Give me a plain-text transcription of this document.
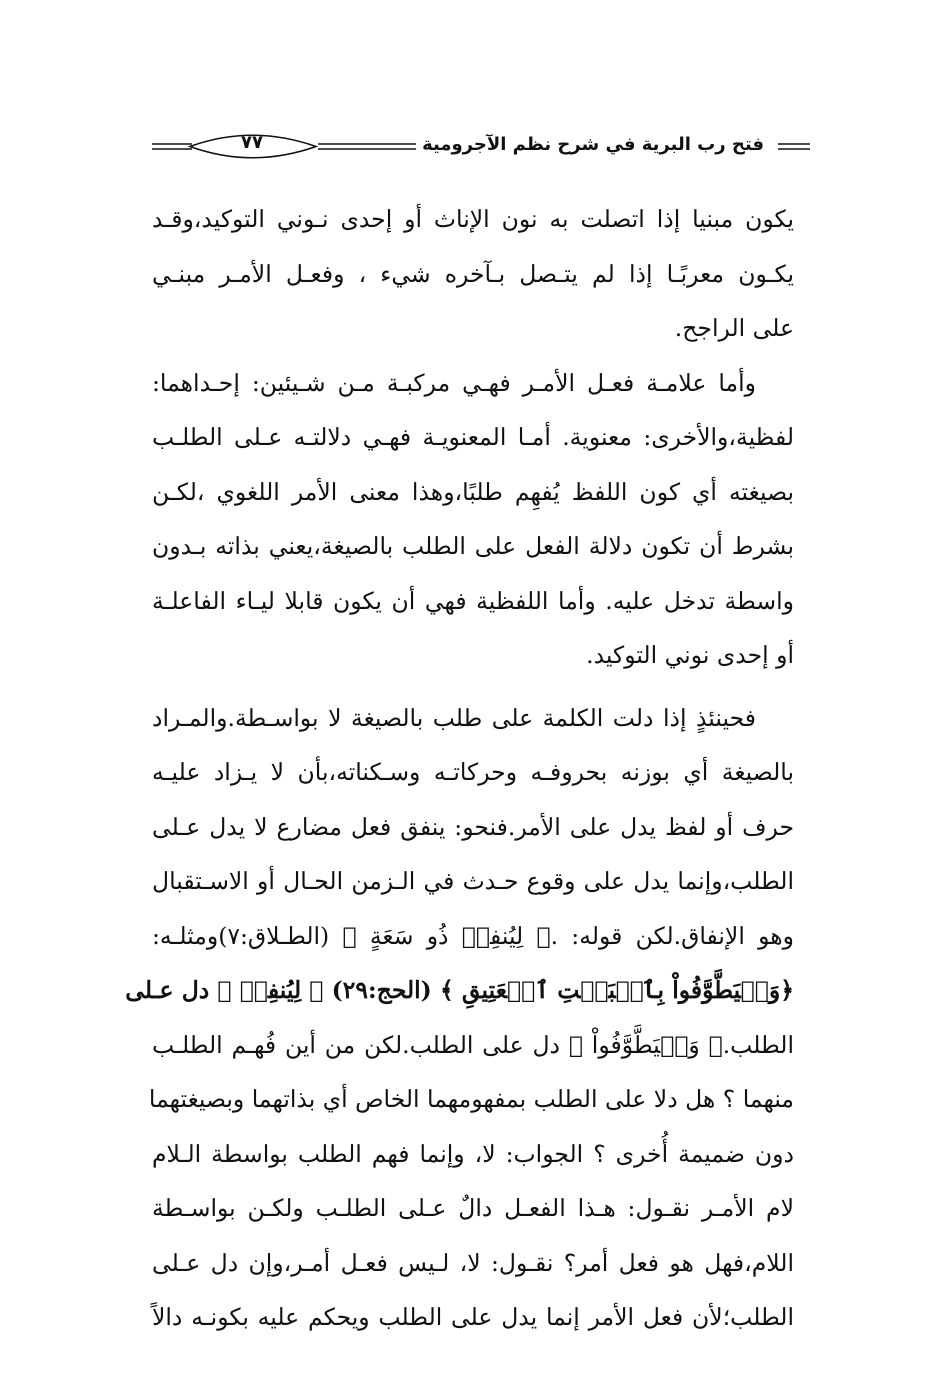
فتح رب البرية في شرح نظم الآجرومية
٧٧
يكون مبنيا إذا اتصلت به نون الإناث أو إحدى نـوني التوكيد،وقـد
يكـون معربًـا إذا لم يتـصل بـآخره شيء ، وفعـل الأمـر مبنـي
على الراجح.
وأما علامـة فعـل الأمـر فهـي مركبـة مـن شـيئين: إحـداهما:
لفظية،والأخرى: معنوية. أمـا المعنويـة فهـي دلالتـه عـلى الطلـب
بصيغته أي كون اللفظ يُفهِم طلبًا،وهذا معنى الأمر اللغوي ،لكـن
بشرط أن تكون دلالة الفعل على الطلب بالصيغة،يعني بذاته بـدون
واسطة تدخل عليه. وأما اللفظية فهي أن يكون قابلا ليـاء الفاعلـة
أو إحدى نوني التوكيد.
فحينئذٍ إذا دلت الكلمة على طلب بالصيغة لا بواسـطة.والمـراد
بالصيغة أي بوزنه بحروفـه وحركاتـه وسـكناته،بأن لا يـزاد عليـه
حرف أو لفظ يدل على الأمر.فنحو: ينفق فعل مضارع لا يدل عـلى
الطلب،وإنما يدل على وقوع حـدث في الـزمن الحـال أو الاسـتقبال
وهو الإنفاق.لكن قوله: .﴿ لِيُنفِقۡ ذُو سَعَةٍ ﴾ (الطـلاق:٧)ومثلـه:
﴿وَلۡيَطَّوَّفُواْ بِٱلۡبَيۡتِ ٱلۡعَتِيقِ ﴾ (الحج:٢٩) ﴿ لِيُنفِقۡ ﴾ دل عـلى
الطلب.﴿ وَلۡيَطَّوَّفُواْ ﴾ دل على الطلب.لكن من أين فُهـم الطلـب
منهما ؟ هل دلا على الطلب بمفهومهما الخاص أي بذاتهما وبصيغتهما
دون ضميمة أُخرى ؟ الجواب: لا، وإنما فهم الطلب بواسطة الـلام
لام الأمـر نقـول: هـذا الفعـل دالٌ عـلى الطلـب ولكـن بواسـطة
اللام،فهل هو فعل أمر؟ نقـول: لا، لـيس فعـل أمـر،وإن دل عـلى
الطلب؛لأن فعل الأمر إنما يدل على الطلب ويحكم عليه بكونـه دالاً
